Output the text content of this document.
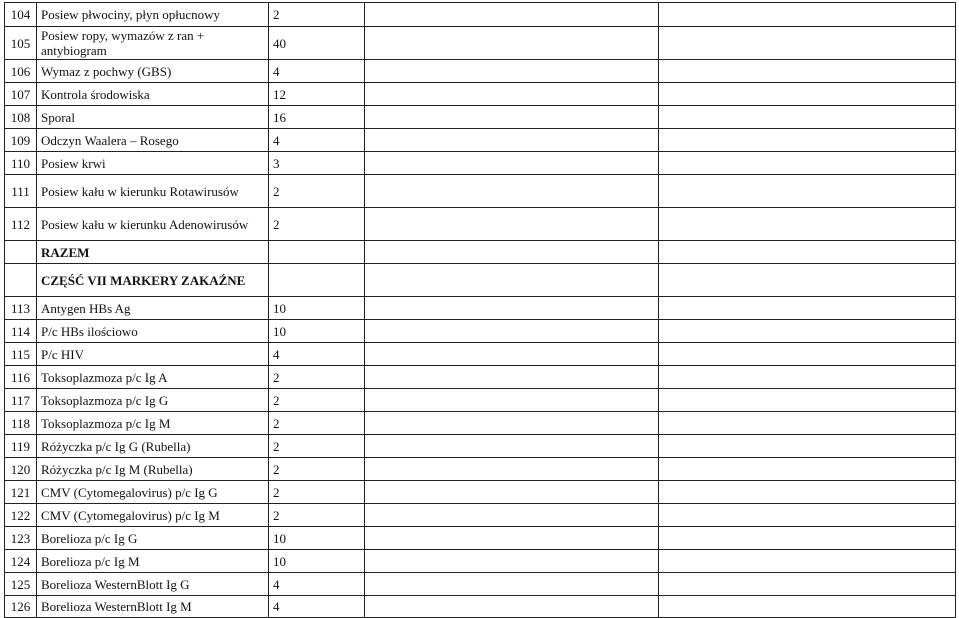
104	Posiew płwociny, płyn opłucnowy	2		
105	Posiew ropy, wymazów z ran + antybiogram	40		
106	Wymaz z pochwy (GBS)	4		
107	Kontrola środowiska	12		
108	Sporal	16		
109	Odczyn Waalera – Rosego	4		
110	Posiew krwi	3		
111	Posiew kału w kierunku Rotawirusów	2		
112	Posiew kału w kierunku Adenowirusów	2		
	RAZEM			
	CZĘŚĆ VII MARKERY ZAKAŹNE			
113	Antygen HBs Ag	10		
114	P/c HBs ilościowo	10		
115	P/c HIV	4		
116	Toksoplazmoza p/c Ig A	2		
117	Toksoplazmoza p/c Ig G	2		
118	Toksoplazmoza p/c Ig M	2		
119	Różyczka p/c Ig G (Rubella)	2		
120	Różyczka p/c Ig M (Rubella)	2		
121	CMV (Cytomegalovirus) p/c Ig G	2		
122	CMV (Cytomegalovirus) p/c Ig M	2		
123	Borelioza p/c Ig G	10		
124	Borelioza p/c Ig M	10		
125	Borelioza WesternBlott Ig G	4		
126	Borelioza WesternBlott Ig M	4		
